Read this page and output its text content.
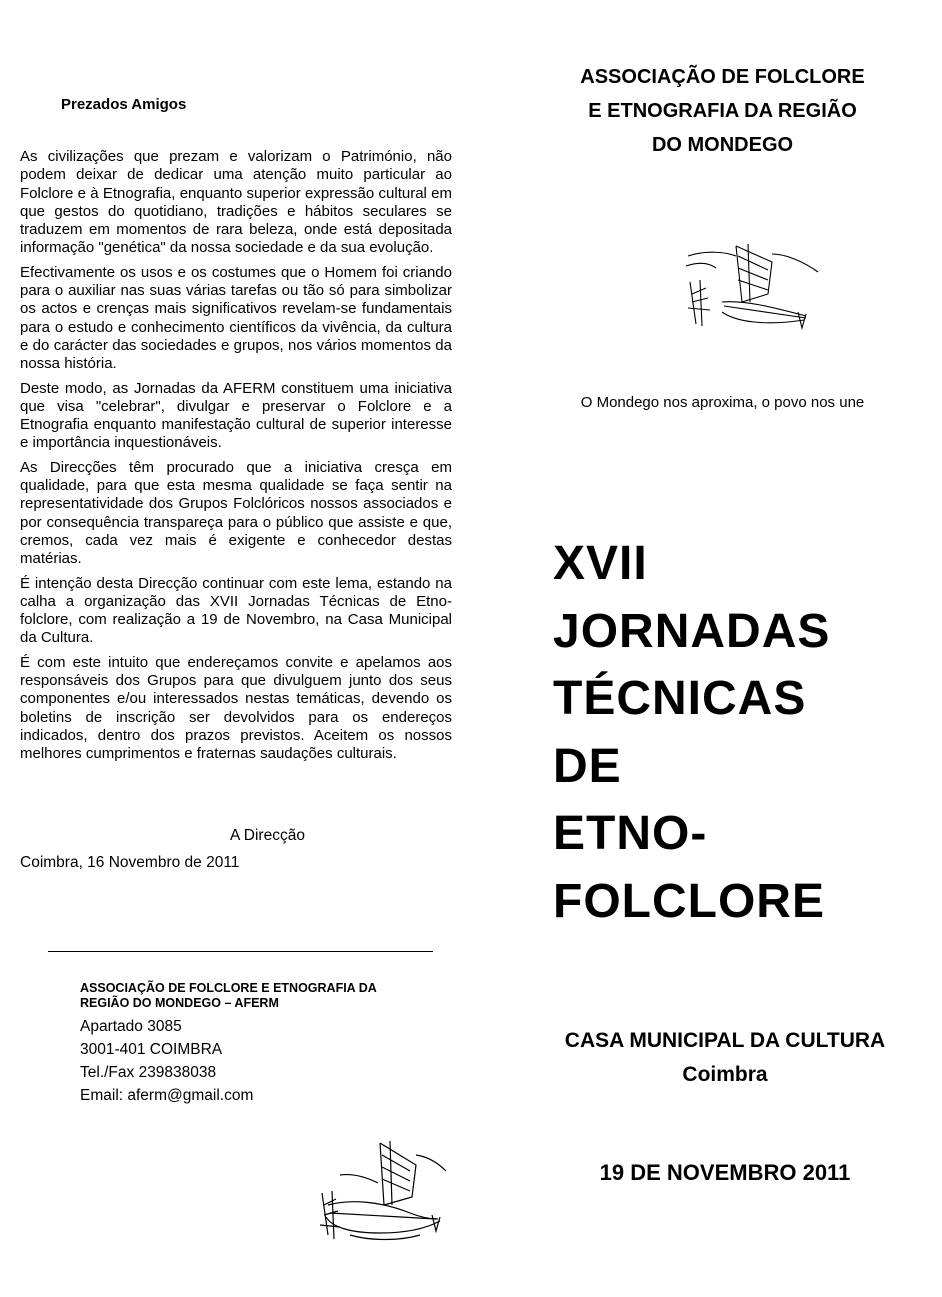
Prezados Amigos

As civilizações que prezam e valorizam o Património, não podem deixar de dedicar uma atenção muito particular ao Folclore e à Etnografia, enquanto superior expressão cultural em que gestos do quotidiano, tradições e hábitos seculares se traduzem em momentos de rara beleza, onde está depositada informação "genética" da nossa sociedade e da sua evolução.

Efectivamente os usos e os costumes que o Homem foi criando para o auxiliar nas suas várias tarefas ou tão só para simbolizar os actos e crenças mais significativos revelam-se fundamentais para o estudo e conhecimento científicos da vivência, da cultura e do carácter das sociedades e grupos, nos vários momentos da nossa história.

Deste modo, as Jornadas da AFERM constituem uma iniciativa que visa "celebrar", divulgar e preservar o Folclore e a Etnografia enquanto manifestação cultural de superior interesse e importância inquestionáveis.

As Direcções têm procurado que a iniciativa cresça em qualidade, para que esta mesma qualidade se faça sentir na representatividade dos Grupos Folclóricos nossos associados e por consequência transpareça para o público que assiste e que, cremos, cada vez mais é exigente e conhecedor destas matérias.

É intenção desta Direcção continuar com este lema, estando na calha a organização das XVII Jornadas Técnicas de Etno-folclore, com realização a 19 de Novembro, na Casa Municipal da Cultura.

É com este intuito que endereçamos convite e apelamos aos responsáveis dos Grupos para que divulguem junto dos seus componentes e/ou interessados nestas temáticas, devendo os boletins de inscrição ser devolvidos para os endereços indicados, dentro dos prazos previstos. Aceitem os nossos melhores cumprimentos e fraternas saudações culturais.

A Direcção
Coimbra, 16 Novembro de 2011
ASSOCIAÇÃO DE FOLCLORE E ETNOGRAFIA DA
REGIÃO DO MONDEGO – AFERM
Apartado 3085
3001-401 COIMBRA
Tel./Fax 239838038
Email: aferm@gmail.com
ASSOCIAÇÃO DE FOLCLORE
E ETNOGRAFIA DA REGIÃO
DO MONDEGO
O Mondego nos aproxima, o povo nos une
XVII
JORNADAS
TÉCNICAS
DE
ETNO-
FOLCLORE
CASA MUNICIPAL DA CULTURA
Coimbra
19 DE NOVEMBRO 2011
